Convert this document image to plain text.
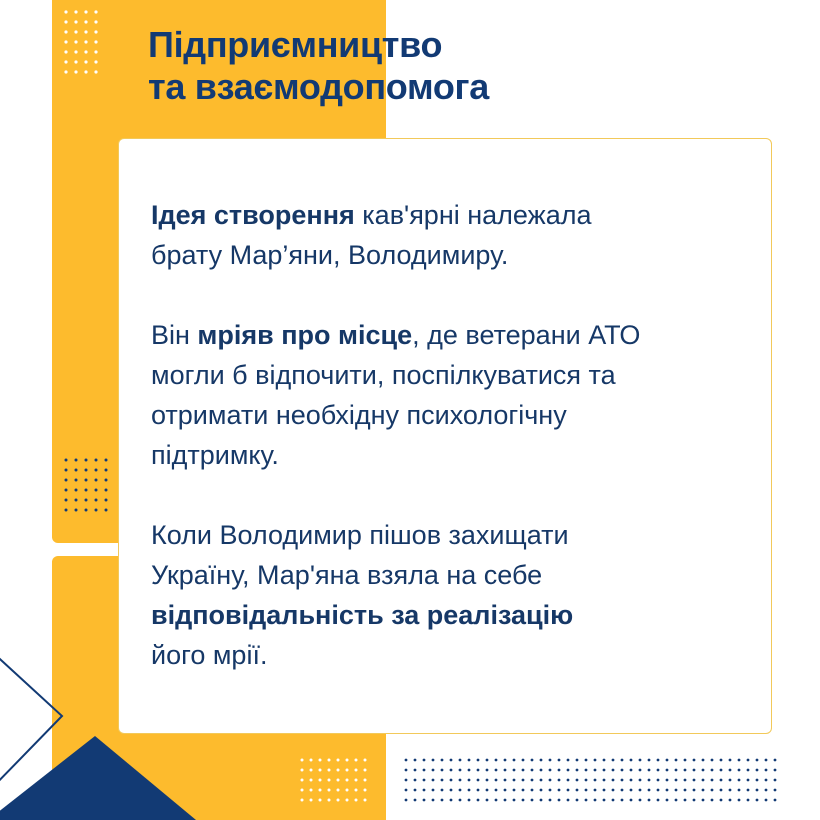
Підприємництво
та взаємодопомога

Ідея створення кав'ярні належала
брату Мар’яни, Володимиру.

Він мріяв про місце, де ветерани АТО
могли б відпочити, поспілкуватися та
отримати необхідну психологічну
підтримку.

Коли Володимир пішов захищати
Україну, Мар'яна взяла на себе
відповідальність за реалізацію
його мрії.
